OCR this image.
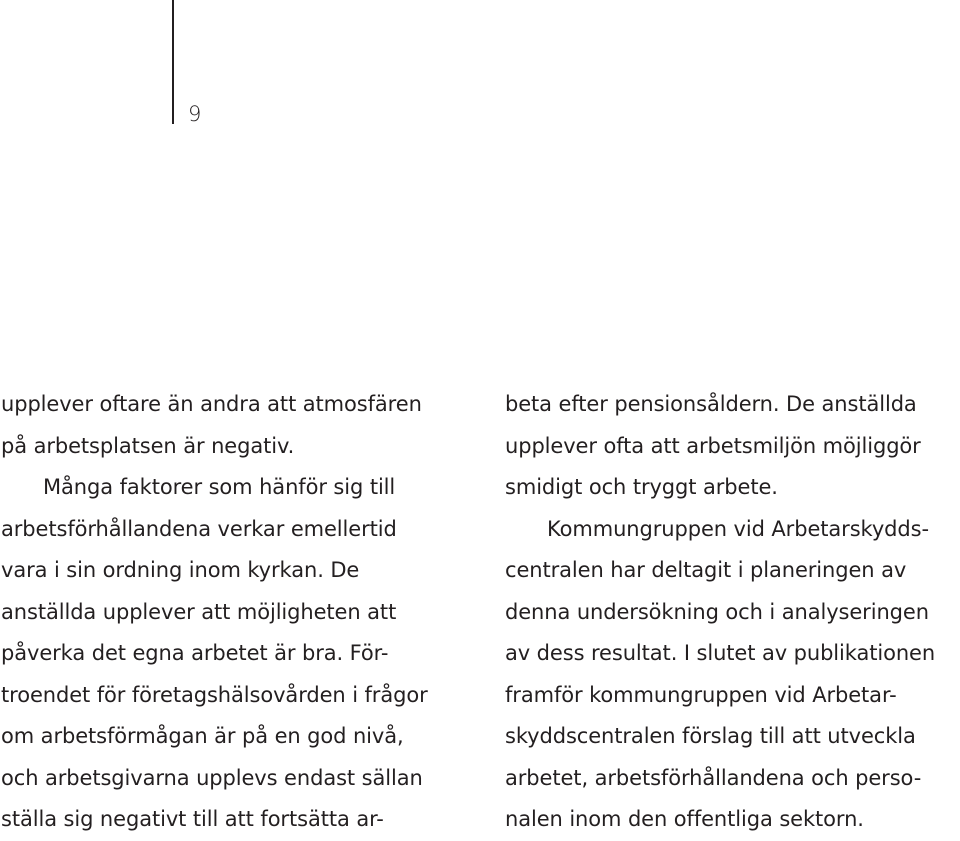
9
upplever oftare än andra att atmosfären
på arbetsplatsen är negativ.
Många faktorer som hänför sig till
arbetsförhållandena verkar emellertid
vara i sin ordning inom kyrkan. De
anställda upplever att möjligheten att
påverka det egna arbetet är bra. För-
troendet för företagshälsovården i frågor
om arbetsförmågan är på en god nivå,
och arbetsgivarna upplevs endast sällan
ställa sig negativt till att fortsätta ar-
beta efter pensionsåldern. De anställda
upplever ofta att arbetsmiljön möjliggör
smidigt och tryggt arbete.
Kommungruppen vid Arbetarskydds-
centralen har deltagit i planeringen av
denna undersökning och i analyseringen
av dess resultat. I slutet av publikationen
framför kommungruppen vid Arbetar-
skyddscentralen förslag till att utveckla
arbetet, arbetsförhållandena och perso-
nalen inom den offentliga sektorn.
